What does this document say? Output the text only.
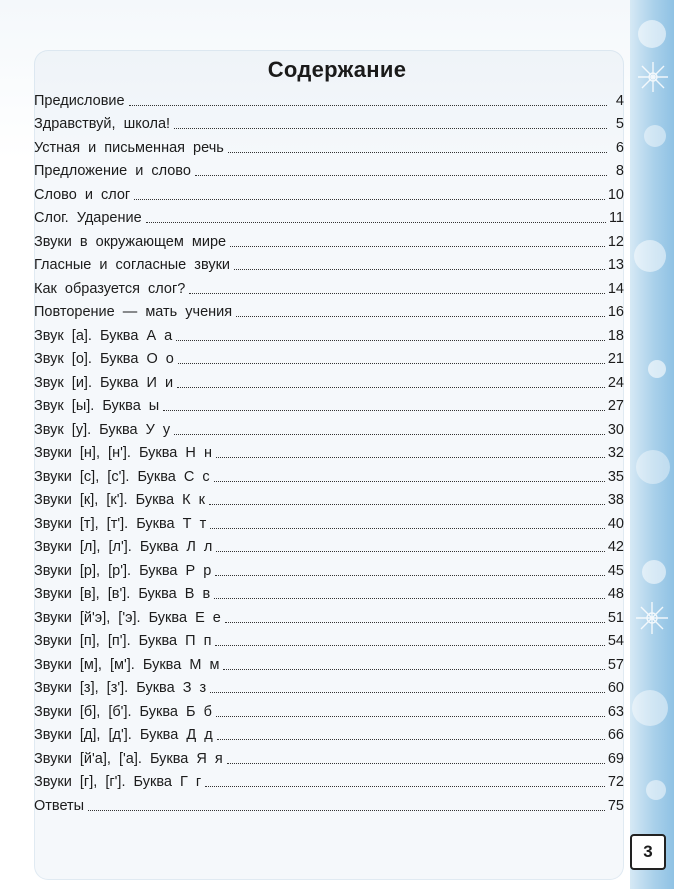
Содержание
Предисловие	4
Здравствуй,  школа!	5
Устная  и  письменная  речь	6
Предложение  и  слово	8
Слово  и  слог	10
Слог.  Ударение	11
Звуки  в  окружающем  мире	12
Гласные  и  согласные  звуки	13
Как  образуется  слог?	14
Повторение  —  мать  учения	16
Звук  [а].  Буква  А  а	18
Звук  [о].  Буква  О  о	21
Звук  [и].  Буква  И  и	24
Звук  [ы].  Буква  ы	27
Звук  [у].  Буква  У  у	30
Звуки  [н],  [н'].  Буква  Н  н	32
Звуки  [с],  [с'].  Буква  С  с	35
Звуки  [к],  [к'].  Буква  К  к	38
Звуки  [т],  [т'].  Буква  Т  т	40
Звуки  [л],  [л'].  Буква  Л  л	42
Звуки  [р],  [р'].  Буква  Р  р	45
Звуки  [в],  [в'].  Буква  В  в	48
Звуки  [й'э],  ['э].  Буква  Е  е	51
Звуки  [п],  [п'].  Буква  П  п	54
Звуки  [м],  [м'].  Буква  М  м	57
Звуки  [з],  [з'].  Буква  З  з	60
Звуки  [б],  [б'].  Буква  Б  б	63
Звуки  [д],  [д'].  Буква  Д  д	66
Звуки  [й'а],  ['а].  Буква  Я  я	69
Звуки  [г],  [г'].  Буква  Г  г	72
Ответы	75
3
